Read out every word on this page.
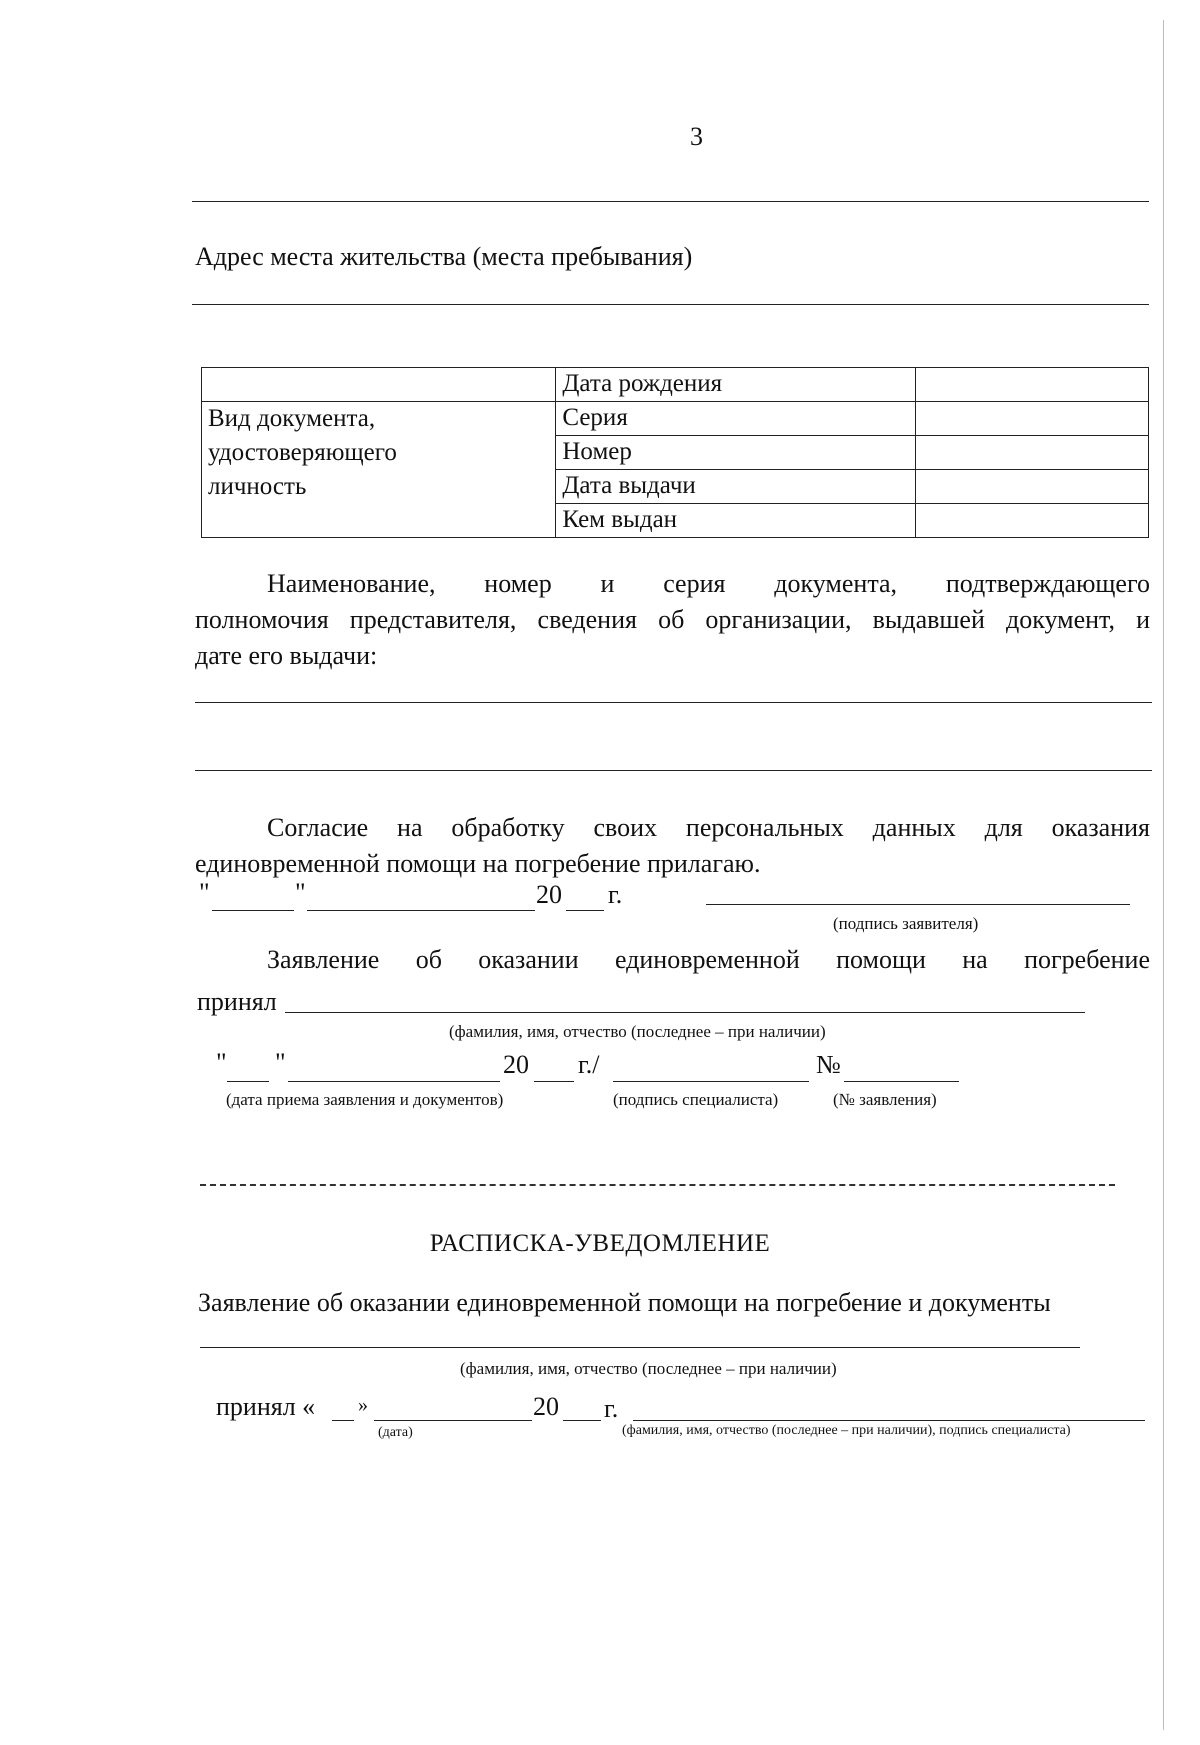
3
Адрес места жительства (места пребывания)
	Дата рождения	

Вид документа,
удостоверяющего
личность	Серия	
	Номер	
	Дата выдачи	
	Кем выдан	
Наименование,   номер   и   серия   документа,   подтверждающего
полномочия представителя, сведения об организации, выдавшей документ, и
дате его выдачи:
Согласие на обработку своих персональных данных для оказания
единовременной помощи на погребение прилагаю.
"	"	20 г.
(подпись заявителя)
Заявление об оказании единовременной помощи на погребение
принял
(фамилия, имя, отчество (последнее – при наличии)
" "	20 г./	№
(дата приема заявления и документов)	(подпись специалиста)	(№ заявления)
РАСПИСКА-УВЕДОМЛЕНИЕ
Заявление об оказании единовременной помощи на погребение и документы
(фамилия, имя, отчество (последнее – при наличии)
принял « »	20 г.
(дата)	(фамилия, имя, отчество (последнее – при наличии), подпись специалиста)
